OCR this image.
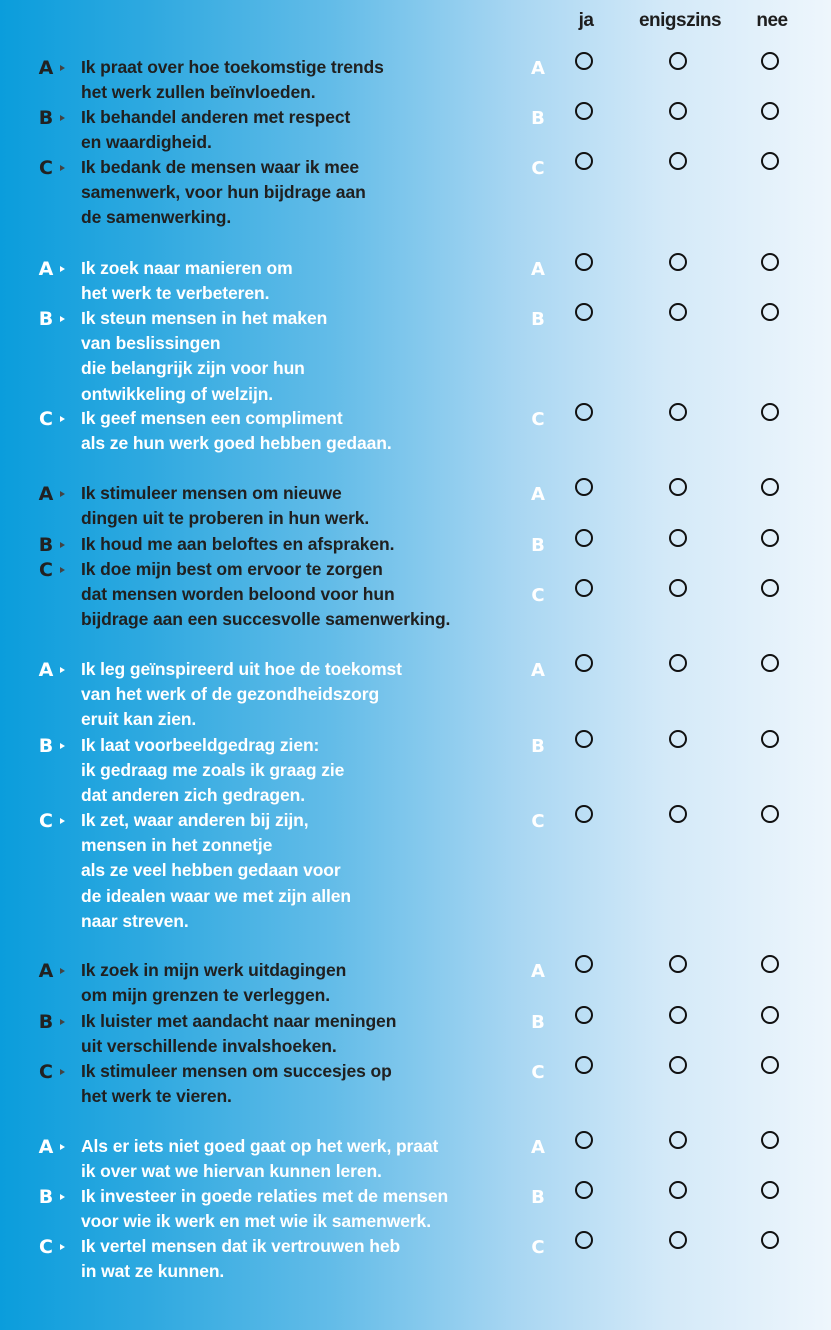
ja	enigszins	nee
A	Ik praat over hoe toekomstige trends
het werk zullen beïnvloeden.
A
B	Ik behandel anderen met respect
en waardigheid.
B
C	Ik bedank de mensen waar ik mee
samenwerk, voor hun bijdrage aan
de samenwerking.
C
A	Ik zoek naar manieren om
het werk te verbeteren.
A
B	Ik steun mensen in het maken
van beslissingen
die belangrijk zijn voor hun
ontwikkeling of welzijn.
B
C	Ik geef mensen een compliment
als ze hun werk goed hebben gedaan.
C
A	Ik stimuleer mensen om nieuwe
dingen uit te proberen in hun werk.
A
B	Ik houd me aan beloftes en afspraken.	B
C	Ik doe mijn best om ervoor te zorgen
dat mensen worden beloond voor hun
bijdrage aan een succesvolle samenwerking.
C
A	Ik leg geïnspireerd uit hoe de toekomst
van het werk of de gezondheidszorg
eruit kan zien.
A
B	Ik laat voorbeeldgedrag zien:
ik gedraag me zoals ik graag zie
dat anderen zich gedragen.
B
C	Ik zet, waar anderen bij zijn,
mensen in het zonnetje
als ze veel hebben gedaan voor
de idealen waar we met zijn allen
naar streven.
C
A	Ik zoek in mijn werk uitdagingen
om mijn grenzen te verleggen.
A
B	Ik luister met aandacht naar meningen
uit verschillende invalshoeken.
B
C	Ik stimuleer mensen om succesjes op
het werk te vieren.
C
A	Als er iets niet goed gaat op het werk, praat
ik over wat we hiervan kunnen leren.
A
B	Ik investeer in goede relaties met de mensen
voor wie ik werk en met wie ik samenwerk.
B
C	Ik vertel mensen dat ik vertrouwen heb
in wat ze kunnen.
C
